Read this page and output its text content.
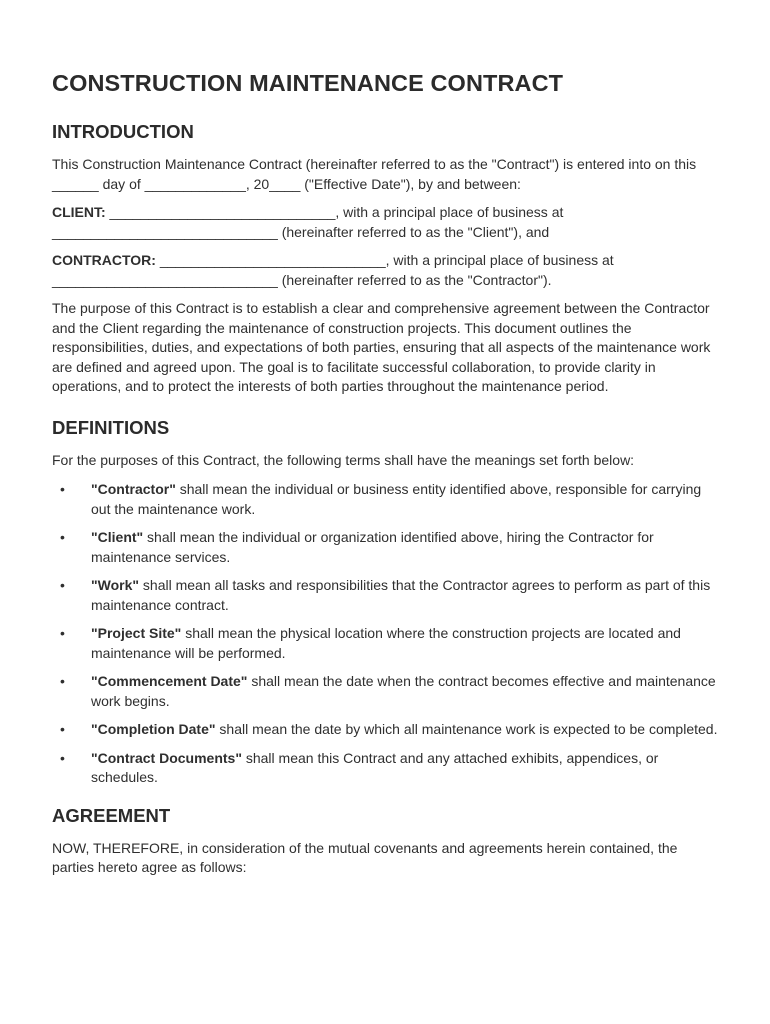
CONSTRUCTION MAINTENANCE CONTRACT
INTRODUCTION

This Construction Maintenance Contract (hereinafter referred to as the "Contract") is entered into on this ______ day of _____________, 20____ ("Effective Date"), by and between:

CLIENT: _____________________________, with a principal place of business at _____________________________ (hereinafter referred to as the "Client"), and

CONTRACTOR: _____________________________, with a principal place of business at _____________________________ (hereinafter referred to as the "Contractor").

The purpose of this Contract is to establish a clear and comprehensive agreement between the Contractor and the Client regarding the maintenance of construction projects. This document outlines the responsibilities, duties, and expectations of both parties, ensuring that all aspects of the maintenance work are defined and agreed upon. The goal is to facilitate successful collaboration, to provide clarity in operations, and to protect the interests of both parties throughout the maintenance period.

DEFINITIONS

For the purposes of this Contract, the following terms shall have the meanings set forth below:

• "Contractor" shall mean the individual or business entity identified above, responsible for carrying out the maintenance work.
• "Client" shall mean the individual or organization identified above, hiring the Contractor for maintenance services.
• "Work" shall mean all tasks and responsibilities that the Contractor agrees to perform as part of this maintenance contract.
• "Project Site" shall mean the physical location where the construction projects are located and maintenance will be performed.
• "Commencement Date" shall mean the date when the contract becomes effective and maintenance work begins.
• "Completion Date" shall mean the date by which all maintenance work is expected to be completed.
• "Contract Documents" shall mean this Contract and any attached exhibits, appendices, or schedules.
AGREEMENT

NOW, THEREFORE, in consideration of the mutual covenants and agreements herein contained, the parties hereto agree as follows:
